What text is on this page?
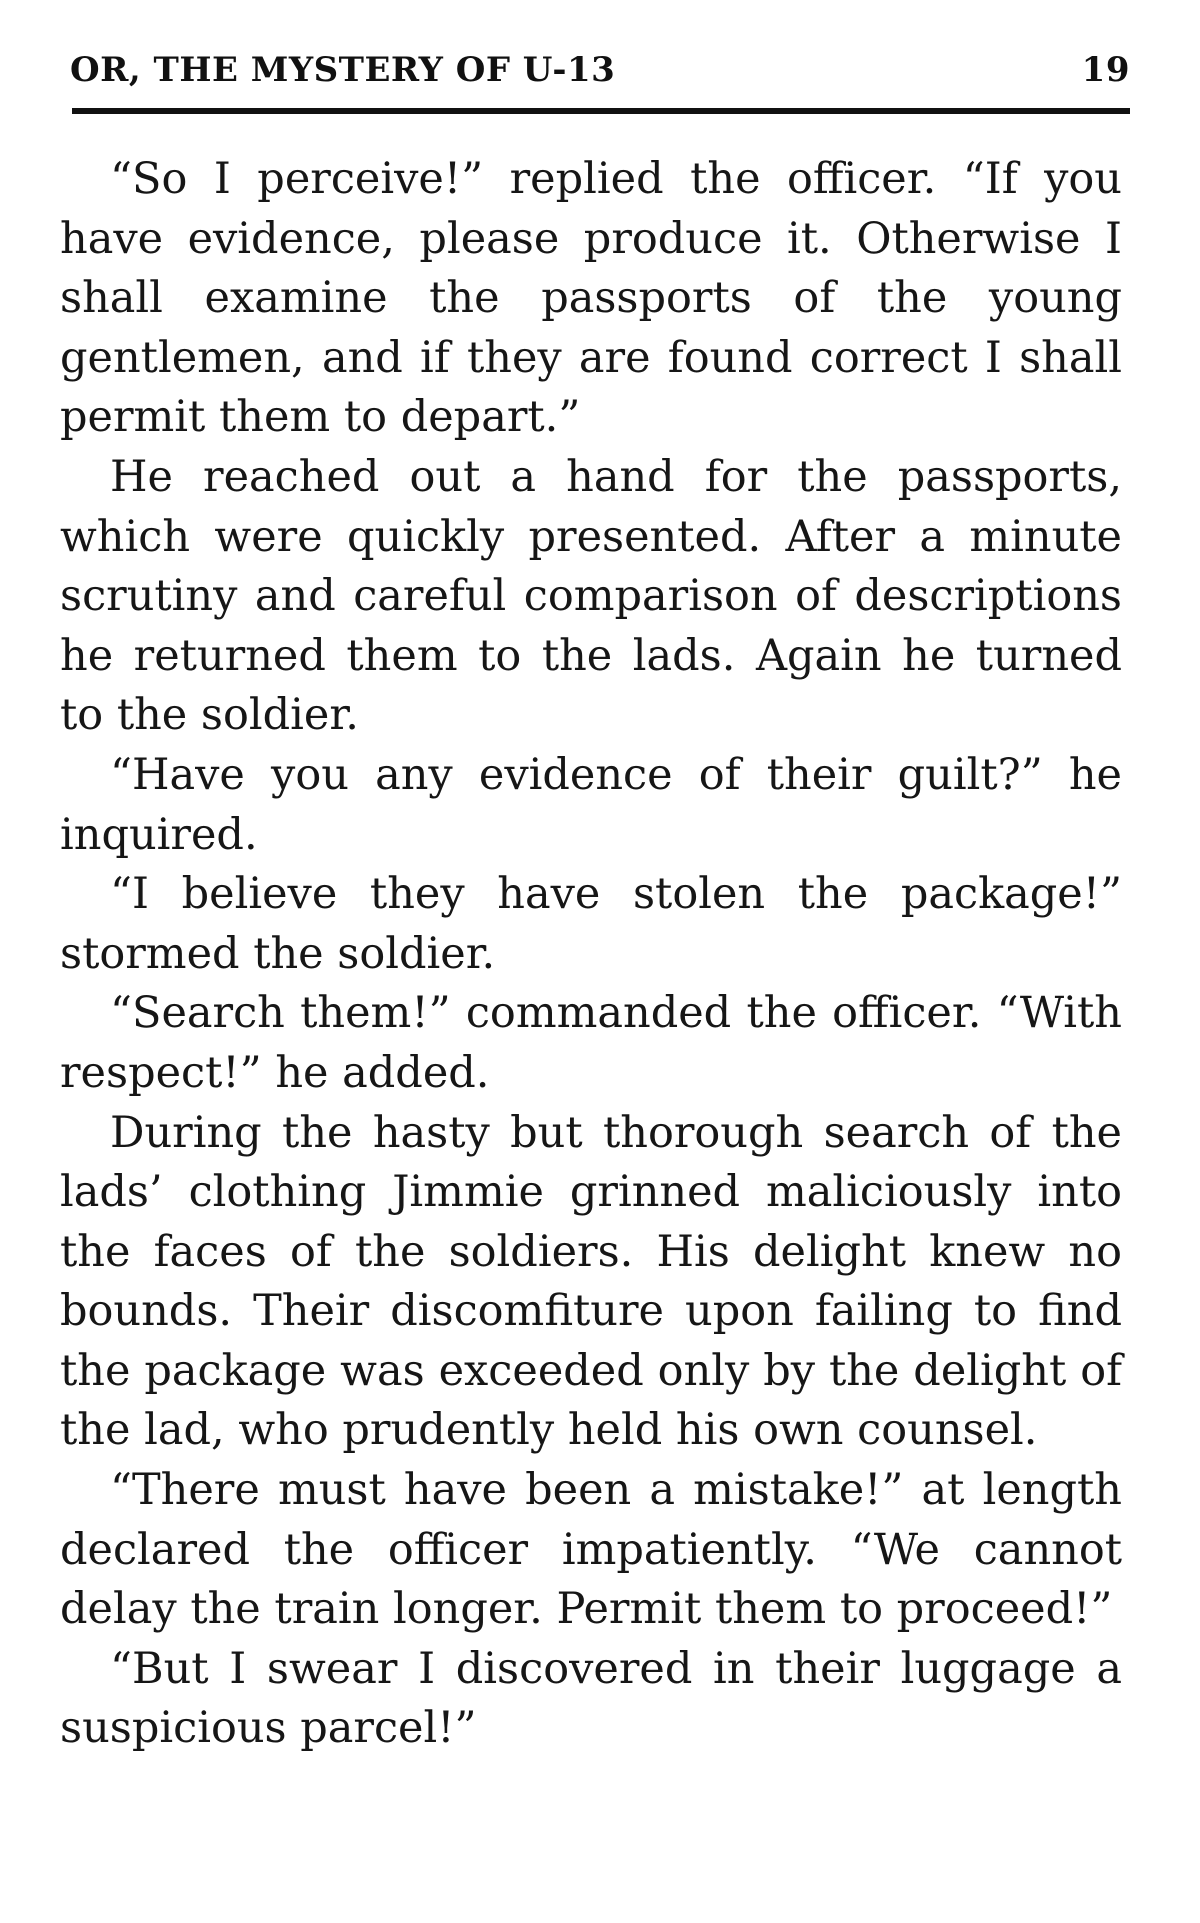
OR, THE MYSTERY OF U-13	19

“So I perceive!” replied the officer. “If you have evidence, please produce it. Otherwise I shall examine the passports of the young gentlemen, and if they are found correct I shall permit them to depart.”

He reached out a hand for the passports, which were quickly presented. After a minute scrutiny and careful comparison of descriptions he returned them to the lads. Again he turned to the soldier.

“Have you any evidence of their guilt?” he inquired.

“I believe they have stolen the package!” stormed the soldier.

“Search them!” commanded the officer. “With respect!” he added.

During the hasty but thorough search of the lads’ clothing Jimmie grinned maliciously into the faces of the soldiers. His delight knew no bounds. Their discomfiture upon failing to find the package was exceeded only by the delight of the lad, who prudently held his own counsel.

“There must have been a mistake!” at length declared the officer impatiently. “We cannot delay the train longer. Permit them to proceed!”

“But I swear I discovered in their luggage a suspicious parcel!”
